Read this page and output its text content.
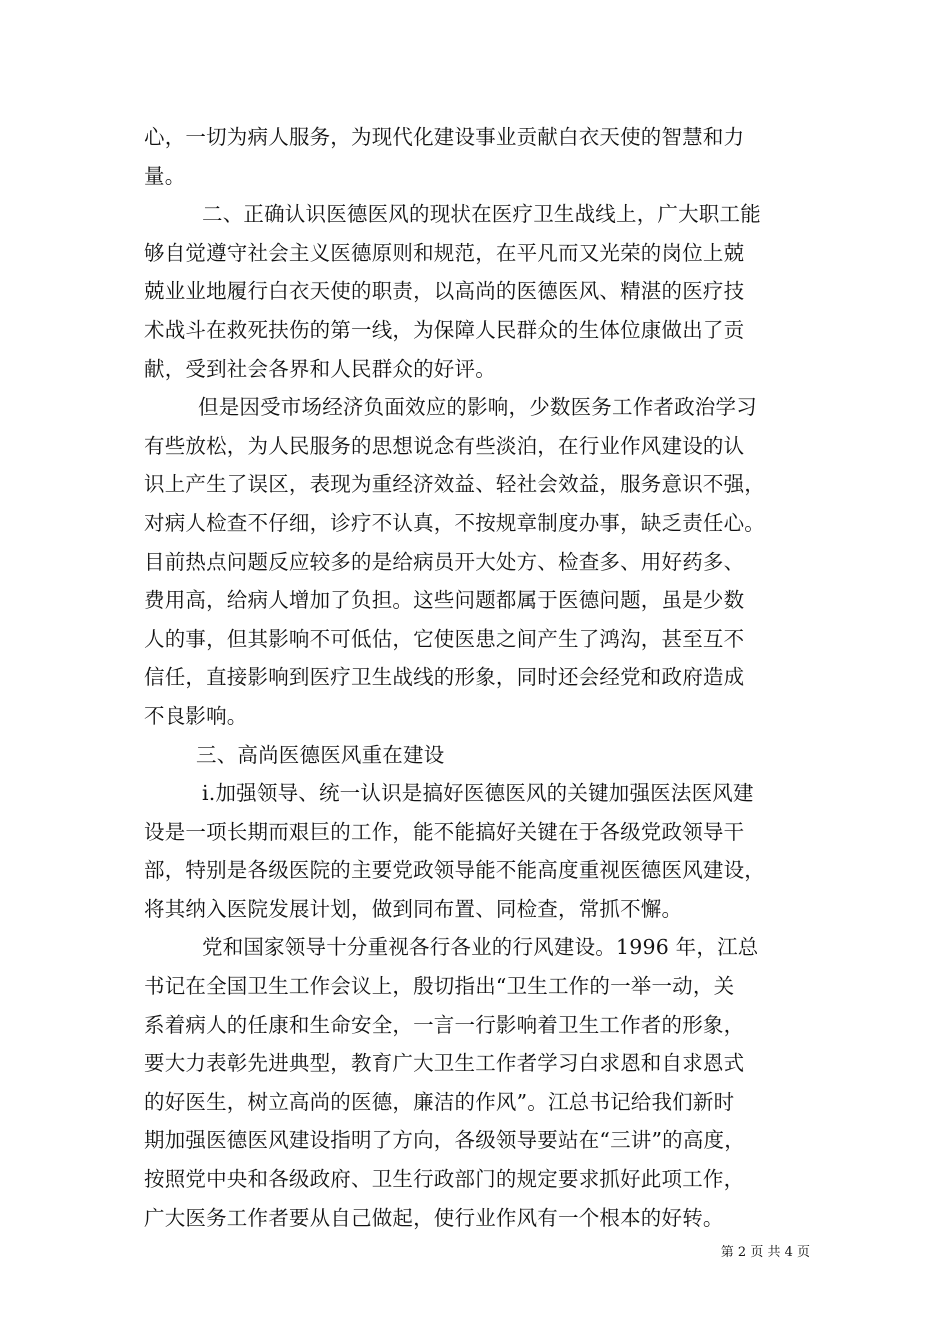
心，一切为病人服务，为现代化建设事业贡献白衣天使的智慧和力
量。
二、正确认识医德医风的现状在医疗卫生战线上，广大职工能
够自觉遵守社会主义医德原则和规范，在平凡而又光荣的岗位上兢
兢业业地履行白衣天使的职责，以高尚的医德医风、精湛的医疗技
术战斗在救死扶伤的第一线，为保障人民群众的生体位康做出了贡
献，受到社会各界和人民群众的好评。
但是因受市场经济负面效应的影响，少数医务工作者政治学习
有些放松，为人民服务的思想说念有些淡泊，在行业作风建设的认
识上产生了误区，表现为重经济效益、轻社会效益，服务意识不强，
对病人检查不仔细，诊疗不认真，不按规章制度办事，缺乏责任心。
目前热点问题反应较多的是给病员开大处方、检查多、用好药多、
费用高，给病人增加了负担。这些问题都属于医德问题，虽是少数
人的事，但其影响不可低估，它使医患之间产生了鸿沟，甚至互不
信任，直接影响到医疗卫生战线的形象，同时还会经党和政府造成
不良影响。
三、高尚医德医风重在建设
i.加强领导、统一认识是搞好医德医风的关键加强医法医风建
设是一项长期而艰巨的工作，能不能搞好关键在于各级党政领导干
部，特别是各级医院的主要党政领导能不能高度重视医德医风建设，
将其纳入医院发展计划，做到同布置、同检查，常抓不懈。
党和国家领导十分重视各行各业的行风建设。1996 年，江总
书记在全国卫生工作会议上，殷切指出“卫生工作的一举一动，关
系着病人的任康和生命安全，一言一行影响着卫生工作者的形象，
要大力表彰先进典型，教育广大卫生工作者学习白求恩和自求恩式
的好医生，树立高尚的医德，廉洁的作风”。江总书记给我们新时
期加强医德医风建设指明了方向，各级领导要站在“三讲”的高度，
按照党中央和各级政府、卫生行政部门的规定要求抓好此项工作，
广大医务工作者要从自己做起，使行业作风有一个根本的好转。
第 2 页 共 4 页
